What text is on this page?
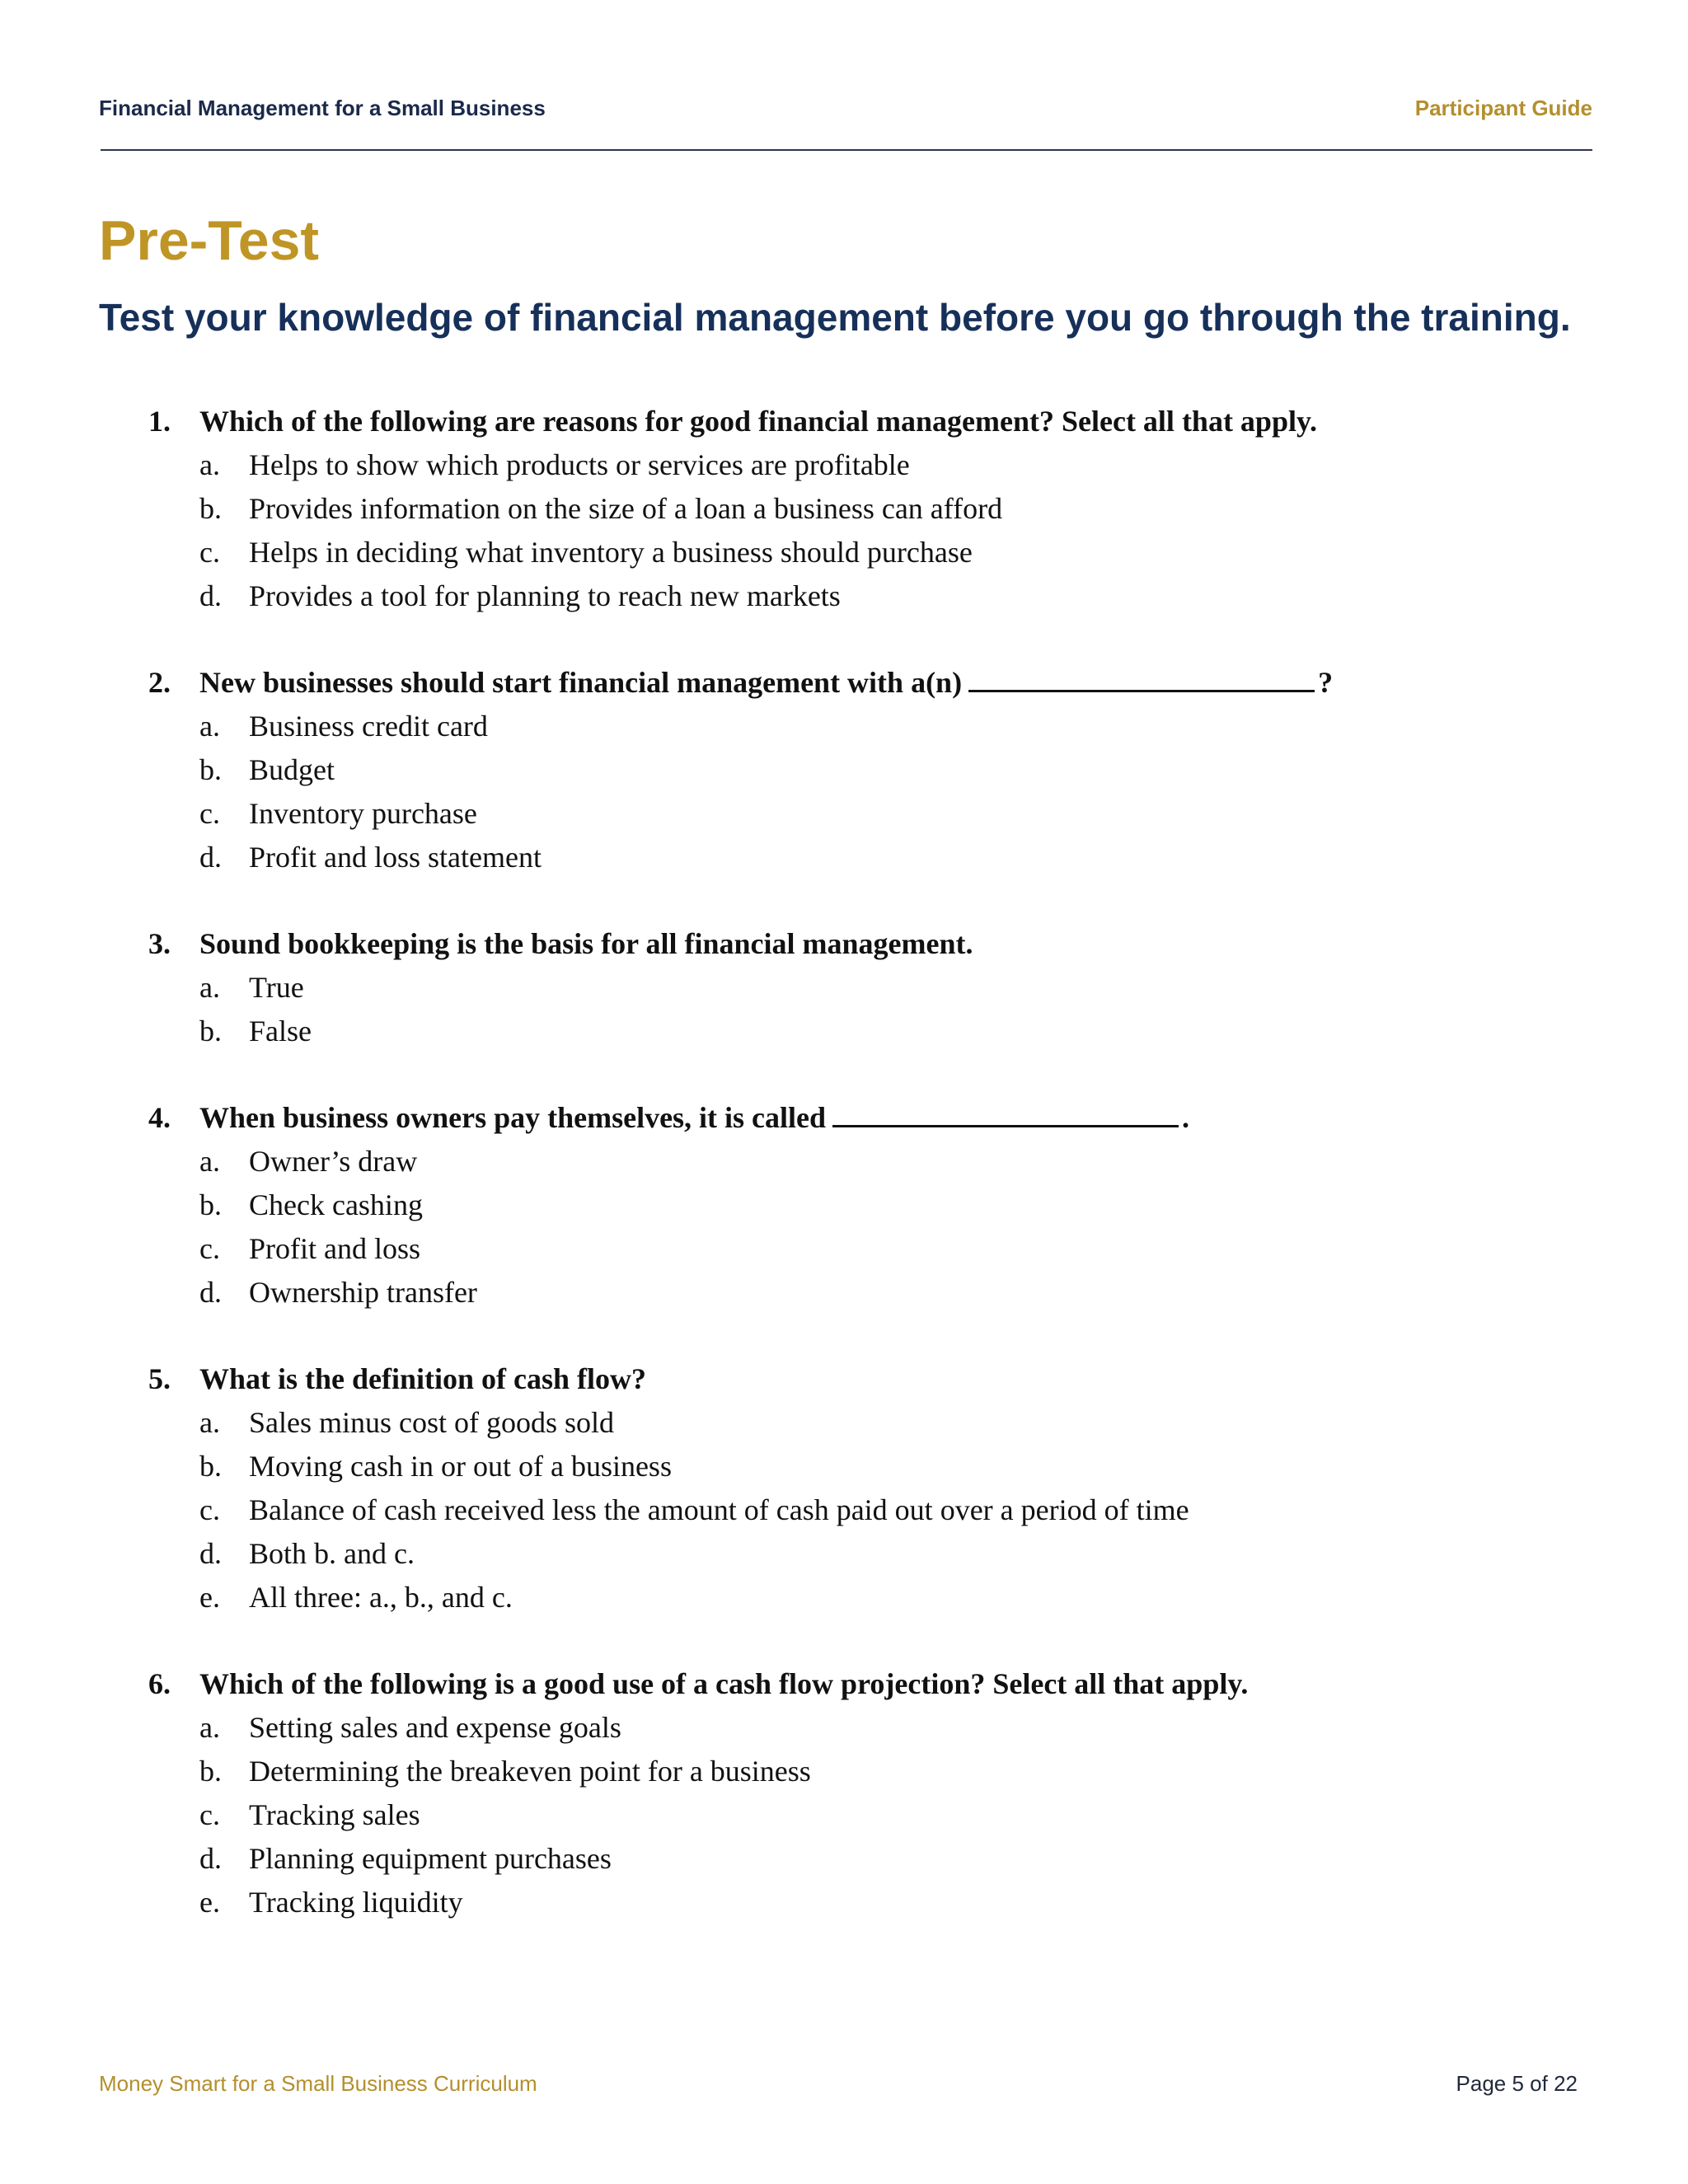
Financial Management for a Small Business	Participant Guide
Pre-Test
Test your knowledge of financial management before you go through the training.
1. Which of the following are reasons for good financial management? Select all that apply.
a. Helps to show which products or services are profitable
b. Provides information on the size of a loan a business can afford
c. Helps in deciding what inventory a business should purchase
d. Provides a tool for planning to reach new markets
2. New businesses should start financial management with a(n)	?
a. Business credit card
b. Budget
c. Inventory purchase
d. Profit and loss statement
3. Sound bookkeeping is the basis for all financial management.
a. True
b. False
4. When business owners pay themselves, it is called	.
a. Owner’s draw
b. Check cashing
c. Profit and loss
d. Ownership transfer
5. What is the definition of cash flow?
a. Sales minus cost of goods sold
b. Moving cash in or out of a business
c. Balance of cash received less the amount of cash paid out over a period of time
d. Both b. and c.
e. All three: a., b., and c.
6. Which of the following is a good use of a cash flow projection? Select all that apply.
a. Setting sales and expense goals
b. Determining the breakeven point for a business
c. Tracking sales
d. Planning equipment purchases
e. Tracking liquidity
Money Smart for a Small Business Curriculum	Page 5 of 22
